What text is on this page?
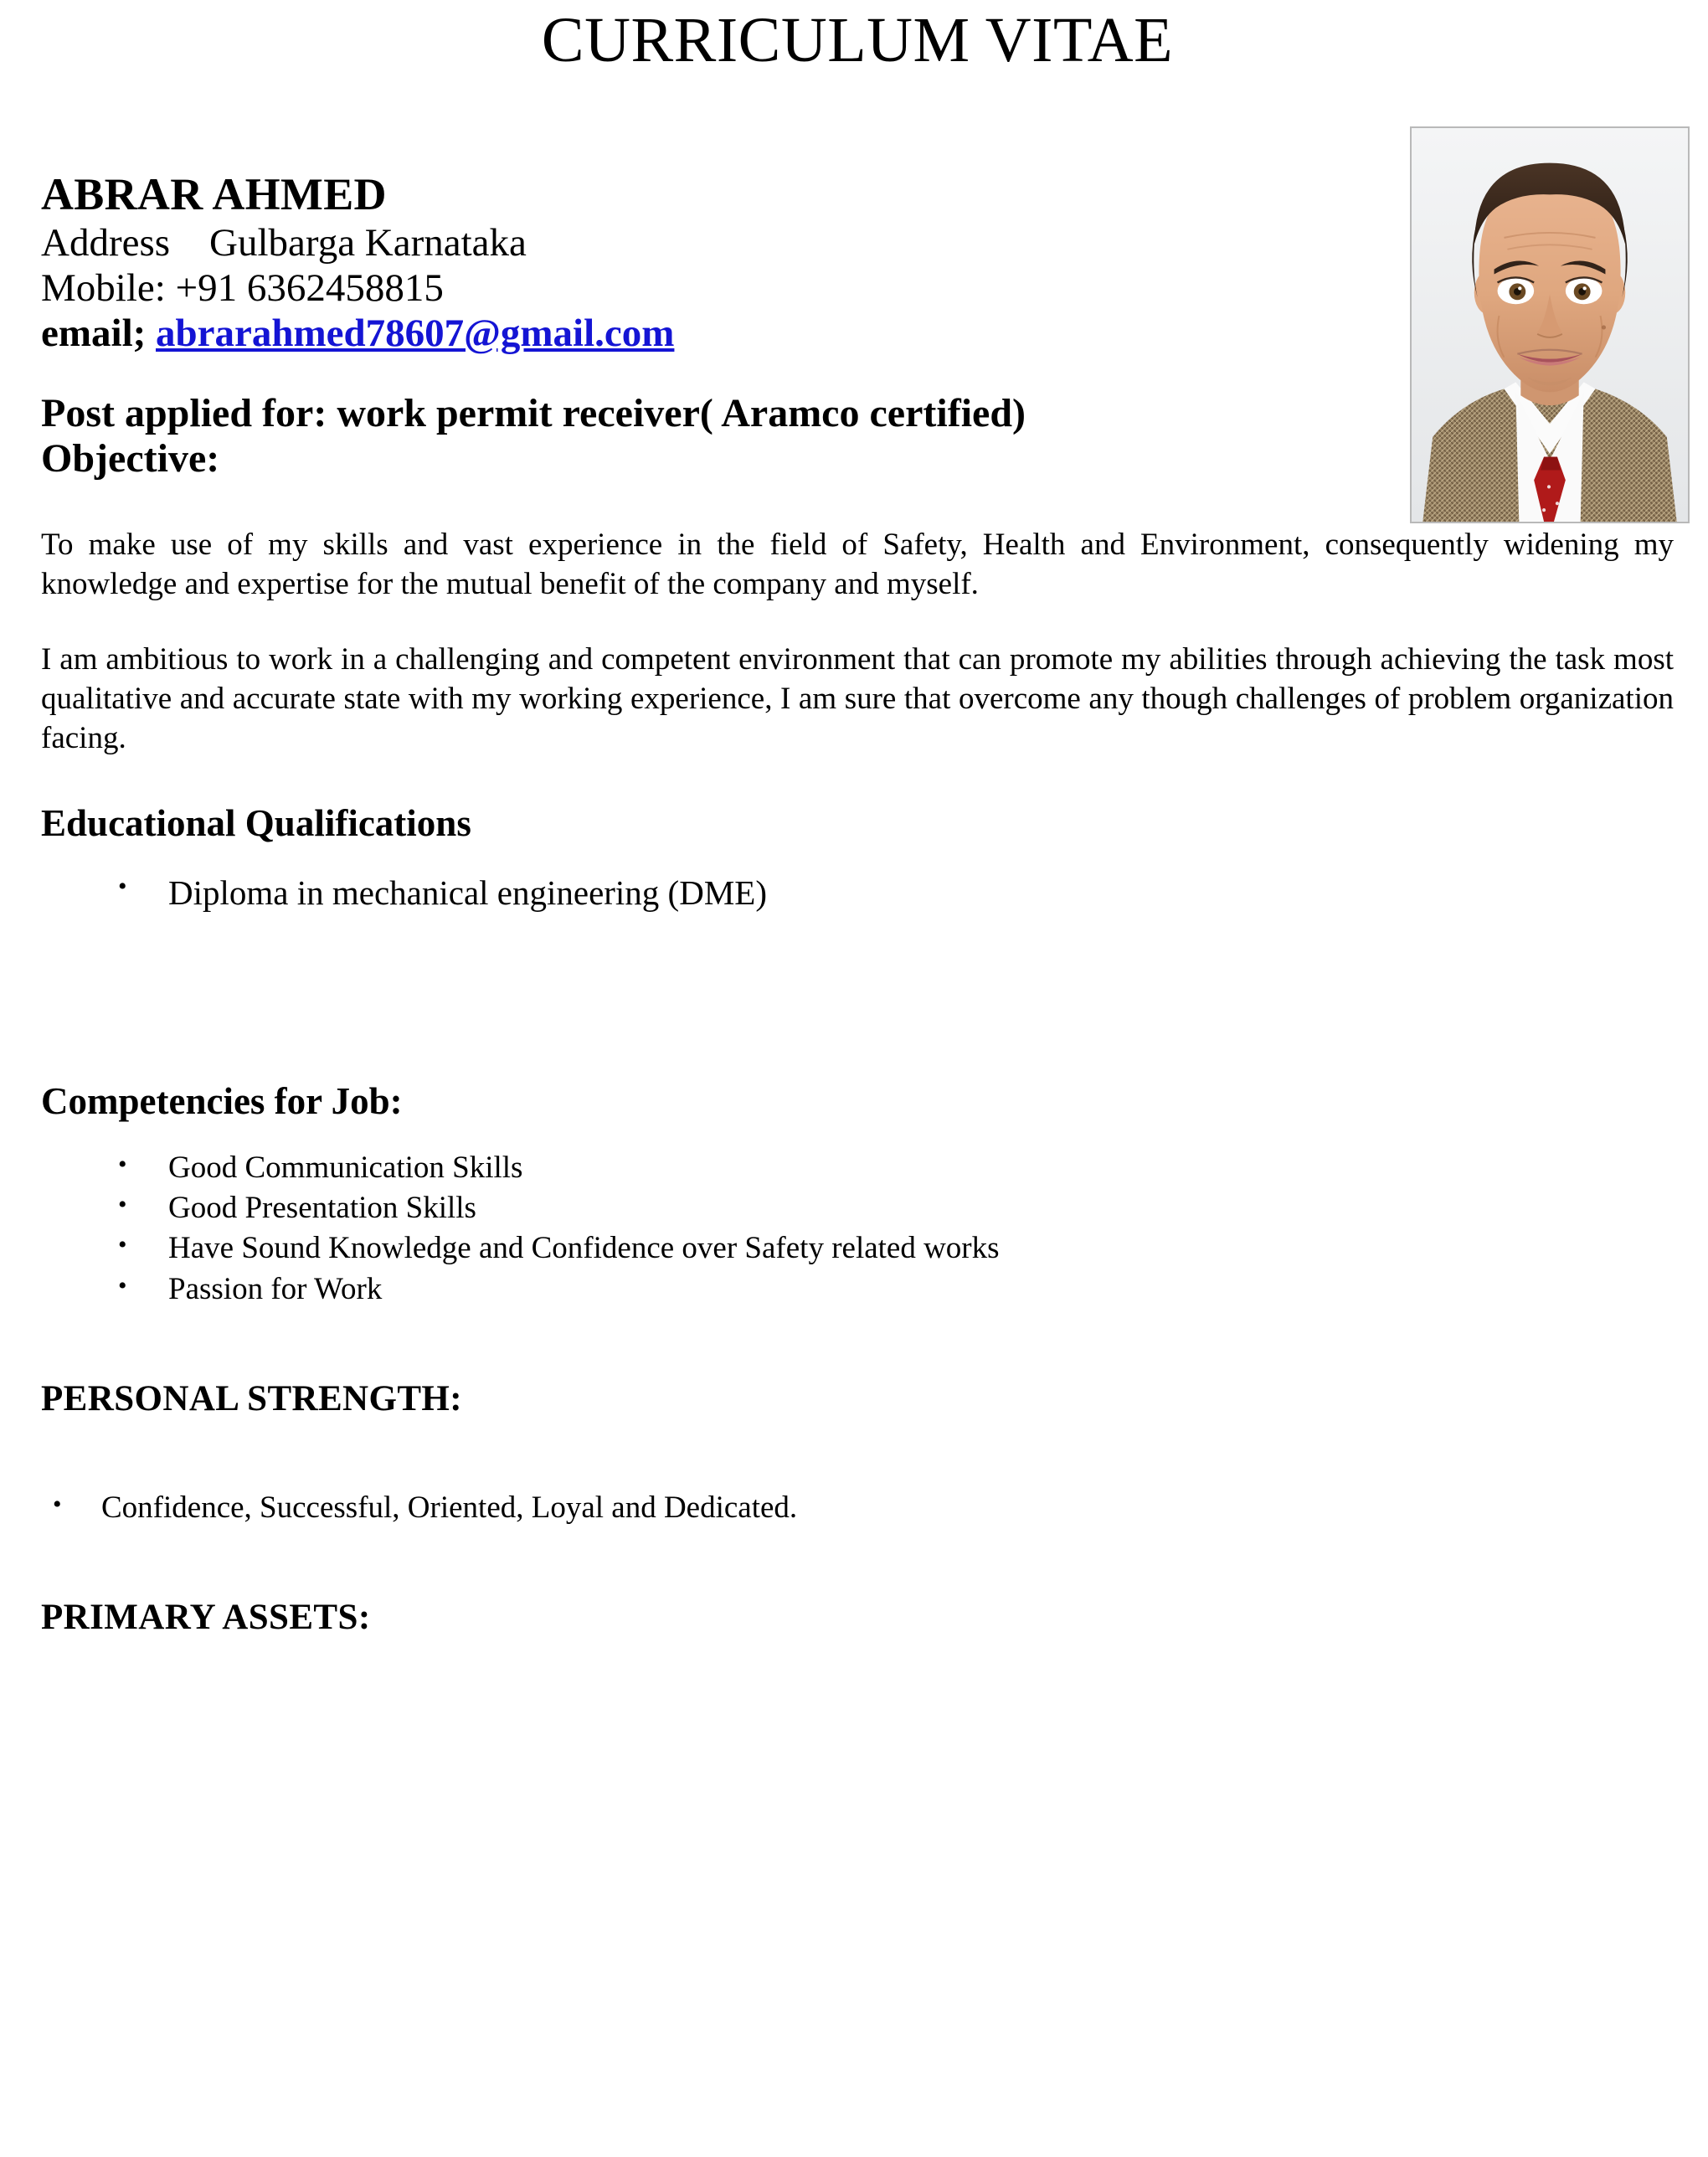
CURRICULUM VITAE
ABRAR AHMED
Address    Gulbarga Karnataka
Mobile: +91 6362458815
email; abrarahmed78607@gmail.com
Post applied for: work permit receiver( Aramco certified)
Objective:

To make use of my skills and vast experience in the field of Safety, Health and Environment, consequently widening my knowledge and expertise for the mutual benefit of the company and myself.

I am ambitious to work in a challenging and competent environment that can promote my abilities through achieving the task most qualitative and accurate state with my working experience, I am sure that overcome any though challenges of problem organization facing.

Educational Qualifications
• Diploma in mechanical engineering (DME)
Competencies for Job:
• Good Communication Skills
• Good Presentation Skills
• Have Sound Knowledge and Confidence over Safety related works
• Passion for Work
PERSONAL STRENGTH:
• Confidence, Successful, Oriented, Loyal and Dedicated.
PRIMARY ASSETS:
